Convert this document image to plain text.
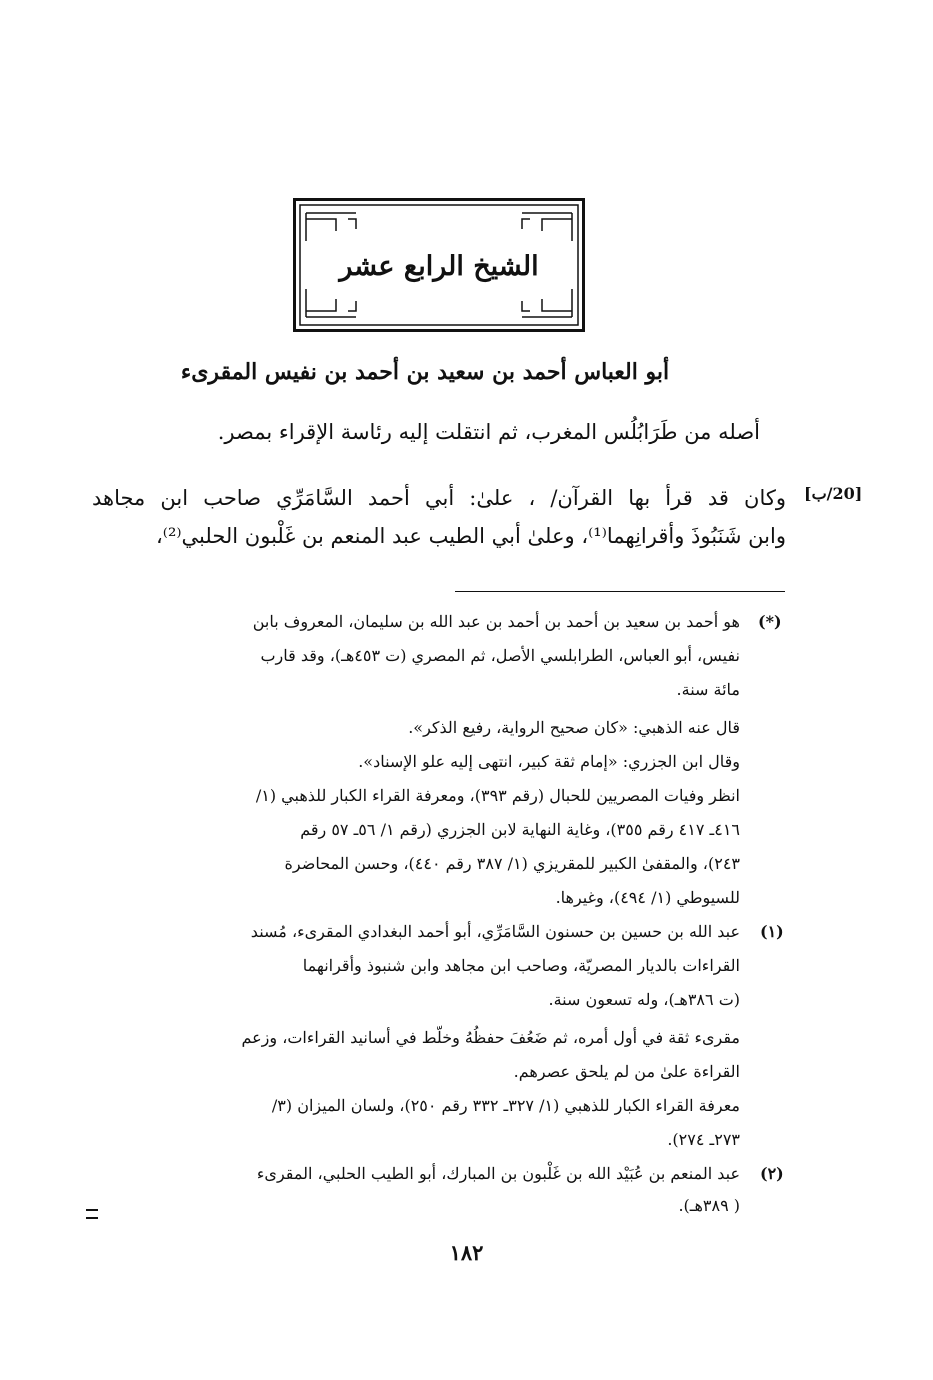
الشيخ الرابع عشر
أبو العباس أحمد بن سعيد بن أحمد بن نفيس المقرىء
أصله من طَرَابُلُس المغرب، ثم انتقلت إليه رئاسة الإقراء بمصر.
وكان قد قرأ بها القرآن/ ، علىٰ: أبي أحمد السَّامَرِّي صاحب ابن مجاهد
وابن شَنَبُوذَ وأقرانِهما⁽¹⁾، وعلىٰ أبي الطيب عبد المنعم بن غَلْبون الحلبي⁽²⁾،
[20/ب]
(*)
هو أحمد بن سعيد بن أحمد بن أحمد بن عبد الله بن سليمان، المعروف بابن
نفيس، أبو العباس، الطرابلسي الأصل، ثم المصري (ت ٤٥٣هـ)، وقد قارب
مائة سنة.
قال عنه الذهبي: «كان صحيح الرواية، رفيع الذكر».
وقال ابن الجزري: «إمام ثقة كبير، انتهى إليه علو الإسناد».
انظر وفيات المصريين للحبال (رقم ٣٩٣)، ومعرفة القراء الكبار للذهبي (١/
٤١٦ـ ٤١٧ رقم ٣٥٥)، وغاية النهاية لابن الجزري (رقم ١/ ٥٦ـ ٥٧ رقم
٢٤٣)، والمقفىٰ الكبير للمقريزي (١/ ٣٨٧ رقم ٤٤٠)، وحسن المحاضرة
للسيوطي (١/ ٤٩٤)، وغيرها.
(١)
عبد الله بن حسين بن حسنون السَّامَرِّي، أبو أحمد البغدادي المقرىء، مُسند
القراءات بالديار المصريّة، وصاحب ابن مجاهد وابن شنبوذ وأقرانهما
(ت ٣٨٦هـ)، وله تسعون سنة.
مقرىء ثقة في أول أمره، ثم ضَعُفَ حفظُهُ وخلّط في أسانيد القراءات، وزعم
القراءة علىٰ من لم يلحق عصرهم.
معرفة القراء الكبار للذهبي (١/ ٣٢٧ـ ٣٣٢ رقم ٢٥٠)، ولسان الميزان (٣/
٢٧٣ـ ٢٧٤).
(٢)
عبد المنعم بن عُبَيْد الله بن غَلْبون بن المبارك، أبو الطيب الحلبي، المقرىء
( ٣٨٩هـ).
١٨٢
